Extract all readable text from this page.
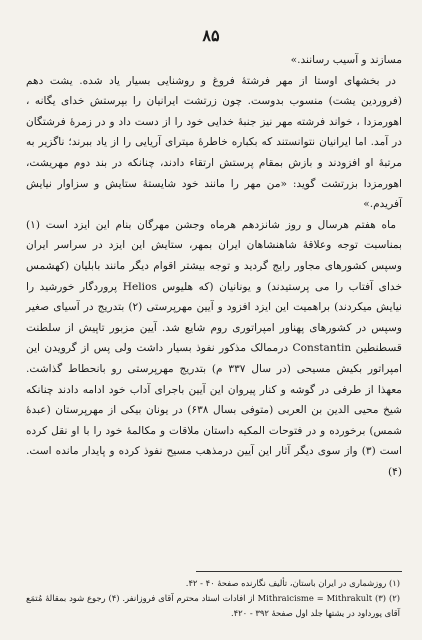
۸۵

مسازند و آسیب رسانند.»

در بخشهای اوستا از مهر فرشتهٔ فروغ و روشنایی بسیار یاد شده. یشت دهم (فروردین یشت) منسوب بدوست. چون زرتشت ایرانیان را بپرستش خدای یگانه ، اهورمزدا ، خواند فرشته مهر نیز جنبهٔ خدایی خود را از دست داد و در زمرهٔ فرشتگان در آمد. اما ایرانیان نتوانستند که بکباره خاطرهٔ میترای آریایی را از یاد ببرند؛ ناگزیر به مرتبهٔ او افزودند و بازش بمقام پرستش ارتقاء دادند، چنانکه در بند دوم مهریشت، اهورمزدا بزرتشت گوید: «من مهر را مانند خود شایستهٔ ستایش و سزاوار نیایش آفریدم.»

ماه هفتم هرسال و روز شانزدهم هرماه وجشن مهرگان بنام این ایزد است (۱) بمناسبت توجه وعلاقهٔ شاهنشاهان ایران بمهر، ستایش این ایزد در سراسر ایران وسپس کشورهای مجاور رایج گردید و توجه بیشتر اقوام دیگر مانند بابلیان (کهشمس خدای آفتاب را می پرستیدند) و یونانیان (که هلیوس Helios پروردگار خورشید را نیایش میکردند) براهمیت این ایزد افزود و آیین مهرپرستی (۲) بتدریج در آسیای صغیر وسپس در کشورهای پهناور امپراتوری روم شایع شد. آیین مزبور تاپیش از سلطنت قسطنطین Constantin درممالک مذکور نفوذ بسیار داشت ولی پس از گرویدن این امپراتور بکیش مسیحی (در سال ۳۳۷ م) بتدریج مهرپرستی رو بانحطاط گذاشت. معهذا از طرفی در گوشه و کنار پیروان این آیین باجرای آداب خود ادامه دادند چنانکه شیخ محیی الدین بن العربی (متوفی بسال ۶۳۸) در یونان بیکی از مهرپرستان (عبدهٔ شمس) برخورده و در فتوحات المکیه داستان ملاقات و مکالمهٔ خود را با او نقل کرده است (۳) واز سوی دیگر آثار این آیین درمذهب مسیح نفوذ کرده و پایدار مانده است. (۴)

(۱) روزشماری در ایران باستان، تألیف نگارنده صفحهٔ ۴۰ - ۴۲.

(۲) Mithraicisme = Mithrakult (۳) از افادات استاد محترم آقای فروزانفر. (۴) رجوع شود بمقالهٔ مُتمَع آقای پورداود در یشتها جلد اول صفحهٔ ۳۹۲ - ۴۲۰.
